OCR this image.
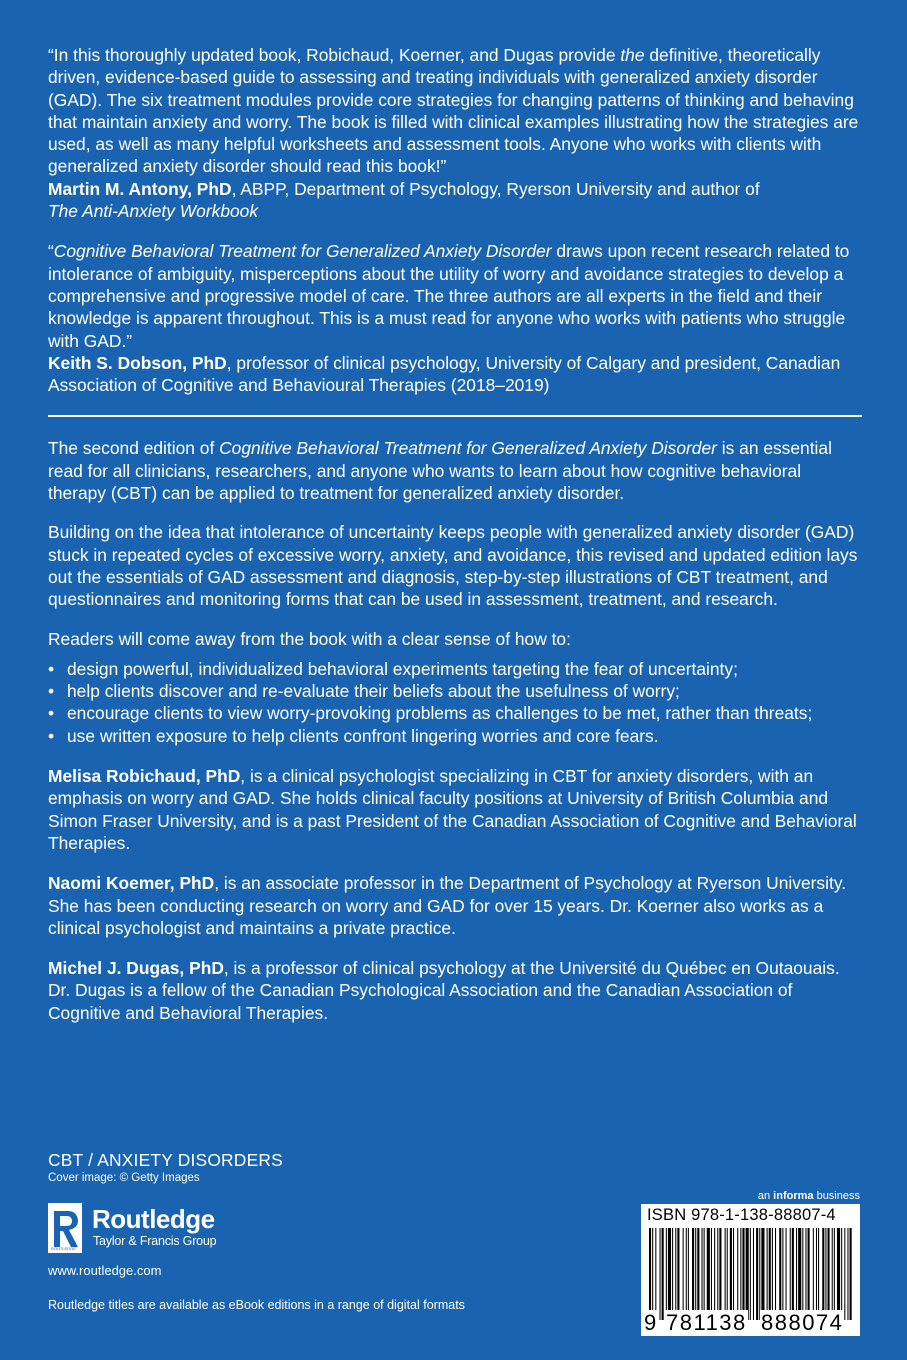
“In this thoroughly updated book, Robichaud, Koerner, and Dugas provide the definitive, theoretically driven, evidence-based guide to assessing and treating individuals with generalized anxiety disorder (GAD). The six treatment modules provide core strategies for changing patterns of thinking and behaving that maintain anxiety and worry. The book is filled with clinical examples illustrating how the strategies are used, as well as many helpful worksheets and assessment tools. Anyone who works with clients with generalized anxiety disorder should read this book!”
Martin M. Antony, PhD, ABPP, Department of Psychology, Ryerson University and author of
The Anti-Anxiety Workbook

“Cognitive Behavioral Treatment for Generalized Anxiety Disorder draws upon recent research related to intolerance of ambiguity, misperceptions about the utility of worry and avoidance strategies to develop a comprehensive and progressive model of care. The three authors are all experts in the field and their knowledge is apparent throughout. This is a must read for anyone who works with patients who struggle with GAD.”
Keith S. Dobson, PhD, professor of clinical psychology, University of Calgary and president, Canadian Association of Cognitive and Behavioural Therapies (2018–2019)

The second edition of Cognitive Behavioral Treatment for Generalized Anxiety Disorder is an essential read for all clinicians, researchers, and anyone who wants to learn about how cognitive behavioral therapy (CBT) can be applied to treatment for generalized anxiety disorder.

Building on the idea that intolerance of uncertainty keeps people with generalized anxiety disorder (GAD) stuck in repeated cycles of excessive worry, anxiety, and avoidance, this revised and updated edition lays out the essentials of GAD assessment and diagnosis, step-by-step illustrations of CBT treatment, and questionnaires and monitoring forms that can be used in assessment, treatment, and research.

Readers will come away from the book with a clear sense of how to:

• design powerful, individualized behavioral experiments targeting the fear of uncertainty;
• help clients discover and re-evaluate their beliefs about the usefulness of worry;
• encourage clients to view worry-provoking problems as challenges to be met, rather than threats;
• use written exposure to help clients confront lingering worries and core fears.

Melisa Robichaud, PhD, is a clinical psychologist specializing in CBT for anxiety disorders, with an emphasis on worry and GAD. She holds clinical faculty positions at University of British Columbia and Simon Fraser University, and is a past President of the Canadian Association of Cognitive and Behavioral Therapies.

Naomi Koemer, PhD, is an associate professor in the Department of Psychology at Ryerson University. She has been conducting research on worry and GAD for over 15 years. Dr. Koerner also works as a clinical psychologist and maintains a private practice.

Michel J. Dugas, PhD, is a professor of clinical psychology at the Université du Québec en Outaouais. Dr. Dugas is a fellow of the Canadian Psychological Association and the Canadian Association of Cognitive and Behavioral Therapies.

CBT / ANXIETY DISORDERS
Cover image: © Getty Images
ROUTLEDGE
Routledge
Taylor & Francis Group
www.routledge.com
Routledge titles are available as eBook editions in a range of digital formats
an informa business
ISBN 978-1-138-88807-4
9 781138 888074
